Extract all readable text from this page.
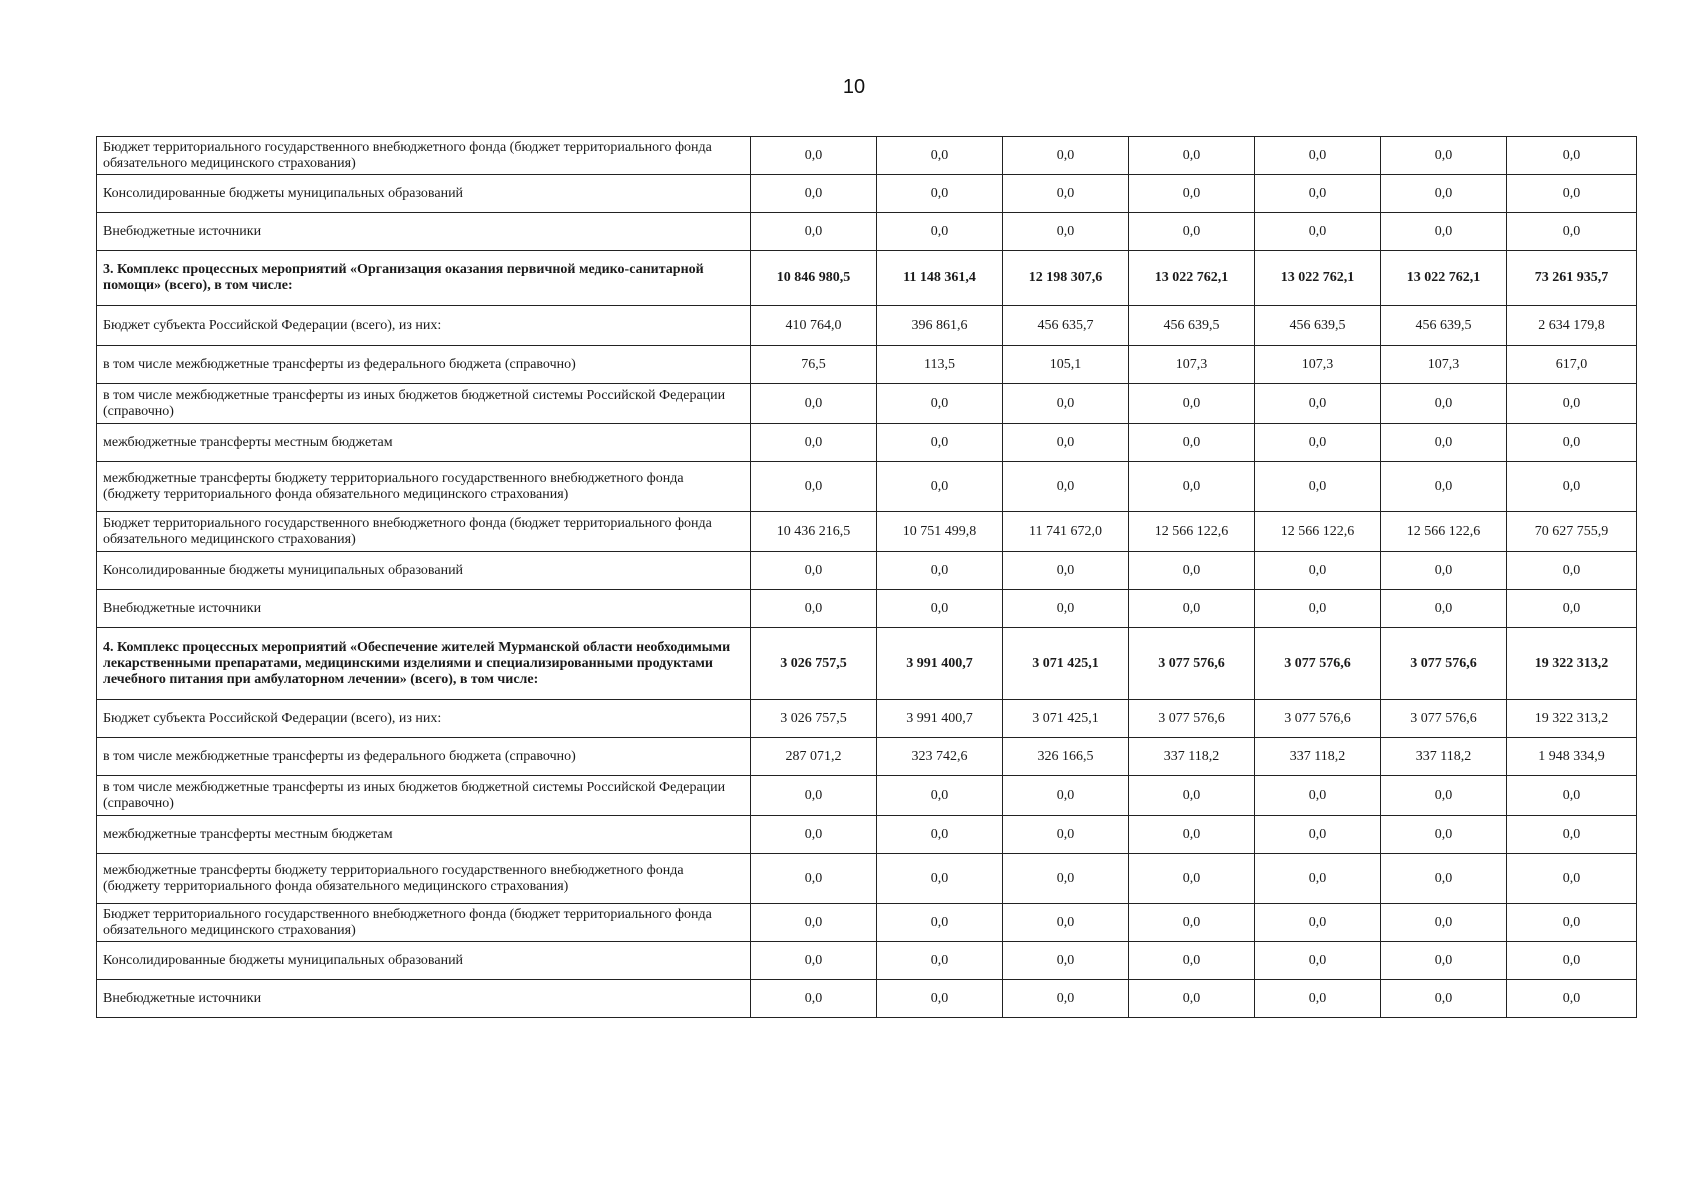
10
Бюджет территориального государственного внебюджетного фонда (бюджет территориального фонда обязательного медицинского страхования)	0,0	0,0	0,0	0,0	0,0	0,0	0,0
Консолидированные бюджеты муниципальных образований	0,0	0,0	0,0	0,0	0,0	0,0	0,0
Внебюджетные источники	0,0	0,0	0,0	0,0	0,0	0,0	0,0
3. Комплекс процессных мероприятий «Организация оказания первичной медико-санитарной помощи» (всего), в том числе:	10 846 980,5	11 148 361,4	12 198 307,6	13 022 762,1	13 022 762,1	13 022 762,1	73 261 935,7
Бюджет субъекта Российской Федерации (всего), из них:	410 764,0	396 861,6	456 635,7	456 639,5	456 639,5	456 639,5	2 634 179,8
в том числе межбюджетные трансферты из федерального бюджета (справочно)	76,5	113,5	105,1	107,3	107,3	107,3	617,0
в том числе межбюджетные трансферты из иных бюджетов бюджетной системы Российской Федерации (справочно)	0,0	0,0	0,0	0,0	0,0	0,0	0,0
межбюджетные трансферты местным бюджетам	0,0	0,0	0,0	0,0	0,0	0,0	0,0
межбюджетные трансферты бюджету территориального государственного внебюджетного фонда (бюджету территориального фонда обязательного медицинского страхования)	0,0	0,0	0,0	0,0	0,0	0,0	0,0
Бюджет территориального государственного внебюджетного фонда (бюджет территориального фонда обязательного медицинского страхования)	10 436 216,5	10 751 499,8	11 741 672,0	12 566 122,6	12 566 122,6	12 566 122,6	70 627 755,9
Консолидированные бюджеты муниципальных образований	0,0	0,0	0,0	0,0	0,0	0,0	0,0
Внебюджетные источники	0,0	0,0	0,0	0,0	0,0	0,0	0,0
4. Комплекс процессных мероприятий «Обеспечение жителей Мурманской области необходимыми лекарственными препаратами, медицинскими изделиями и специализированными продуктами лечебного питания при амбулаторном лечении» (всего), в том числе:	3 026 757,5	3 991 400,7	3 071 425,1	3 077 576,6	3 077 576,6	3 077 576,6	19 322 313,2
Бюджет субъекта Российской Федерации (всего), из них:	3 026 757,5	3 991 400,7	3 071 425,1	3 077 576,6	3 077 576,6	3 077 576,6	19 322 313,2
в том числе межбюджетные трансферты из федерального бюджета (справочно)	287 071,2	323 742,6	326 166,5	337 118,2	337 118,2	337 118,2	1 948 334,9
в том числе межбюджетные трансферты из иных бюджетов бюджетной системы Российской Федерации (справочно)	0,0	0,0	0,0	0,0	0,0	0,0	0,0
межбюджетные трансферты местным бюджетам	0,0	0,0	0,0	0,0	0,0	0,0	0,0
межбюджетные трансферты бюджету территориального государственного внебюджетного фонда (бюджету территориального фонда обязательного медицинского страхования)	0,0	0,0	0,0	0,0	0,0	0,0	0,0
Бюджет территориального государственного внебюджетного фонда (бюджет территориального фонда обязательного медицинского страхования)	0,0	0,0	0,0	0,0	0,0	0,0	0,0
Консолидированные бюджеты муниципальных образований	0,0	0,0	0,0	0,0	0,0	0,0	0,0
Внебюджетные источники	0,0	0,0	0,0	0,0	0,0	0,0	0,0
